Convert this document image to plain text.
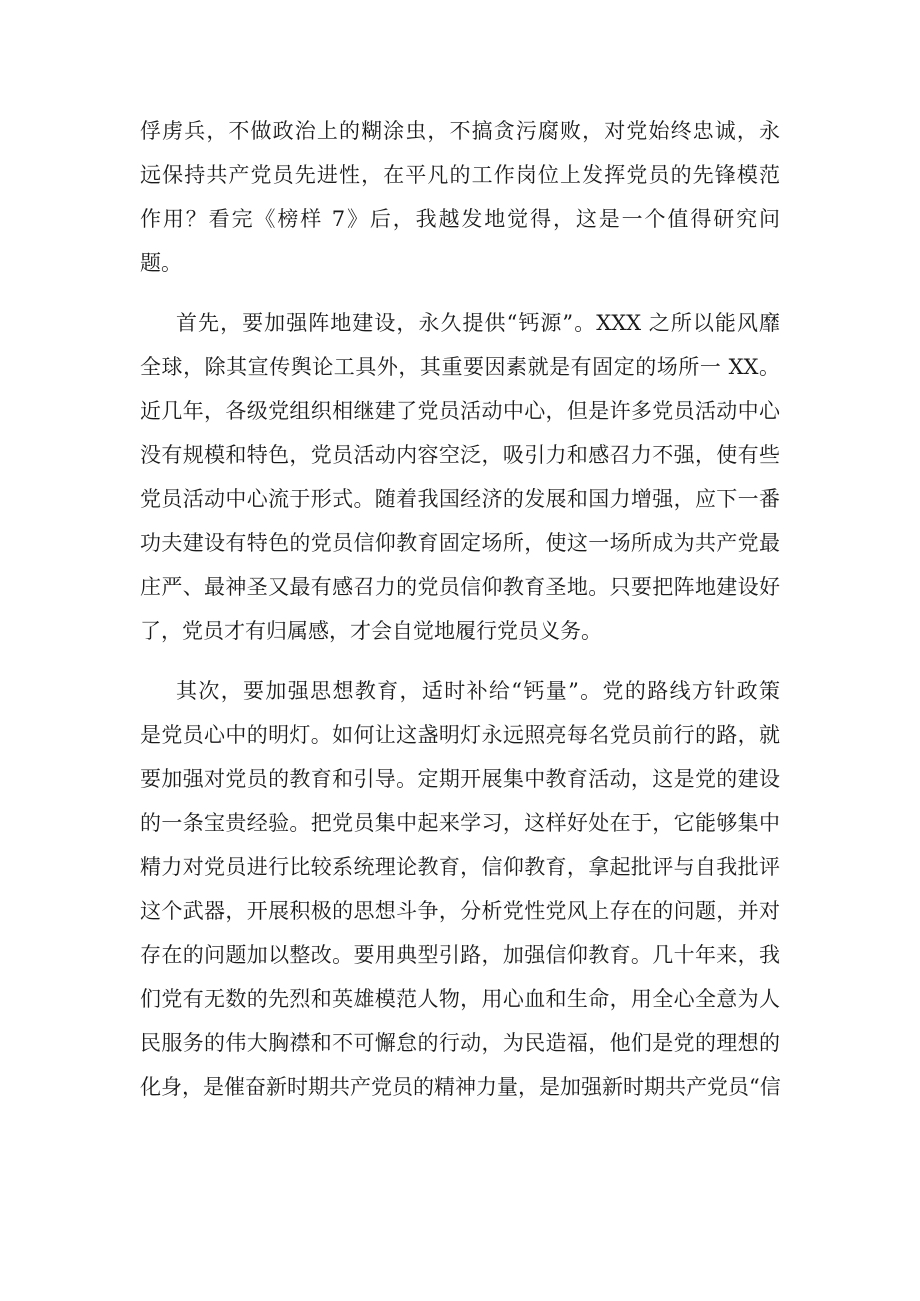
俘虏兵，不做政治上的糊涂虫，不搞贪污腐败，对党始终忠诚，永

远保持共产党员先进性，在平凡的工作岗位上发挥党员的先锋模范

作用？看完《榜样 7》后，我越发地觉得，这是一个值得研究问

题。

首先，要加强阵地建设，永久提供“钙源”。XXX 之所以能风靡

全球，除其宣传舆论工具外，其重要因素就是有固定的场所一 XX。

近几年，各级党组织相继建了党员活动中心，但是许多党员活动中心

没有规模和特色，党员活动内容空泛，吸引力和感召力不强，使有些

党员活动中心流于形式。随着我国经济的发展和国力增强，应下一番

功夫建设有特色的党员信仰教育固定场所，使这一场所成为共产党最

庄严、最神圣又最有感召力的党员信仰教育圣地。只要把阵地建设好

了，党员才有归属感，才会自觉地履行党员义务。

其次，要加强思想教育，适时补给“钙量”。党的路线方针政策

是党员心中的明灯。如何让这盏明灯永远照亮每名党员前行的路，就

要加强对党员的教育和引导。定期开展集中教育活动，这是党的建设

的一条宝贵经验。把党员集中起来学习，这样好处在于，它能够集中

精力对党员进行比较系统理论教育，信仰教育，拿起批评与自我批评

这个武器，开展积极的思想斗争，分析党性党风上存在的问题，并对

存在的问题加以整改。要用典型引路，加强信仰教育。几十年来，我

们党有无数的先烈和英雄模范人物，用心血和生命，用全心全意为人

民服务的伟大胸襟和不可懈怠的行动，为民造福，他们是党的理想的

化身，是催奋新时期共产党员的精神力量，是加强新时期共产党员“信
